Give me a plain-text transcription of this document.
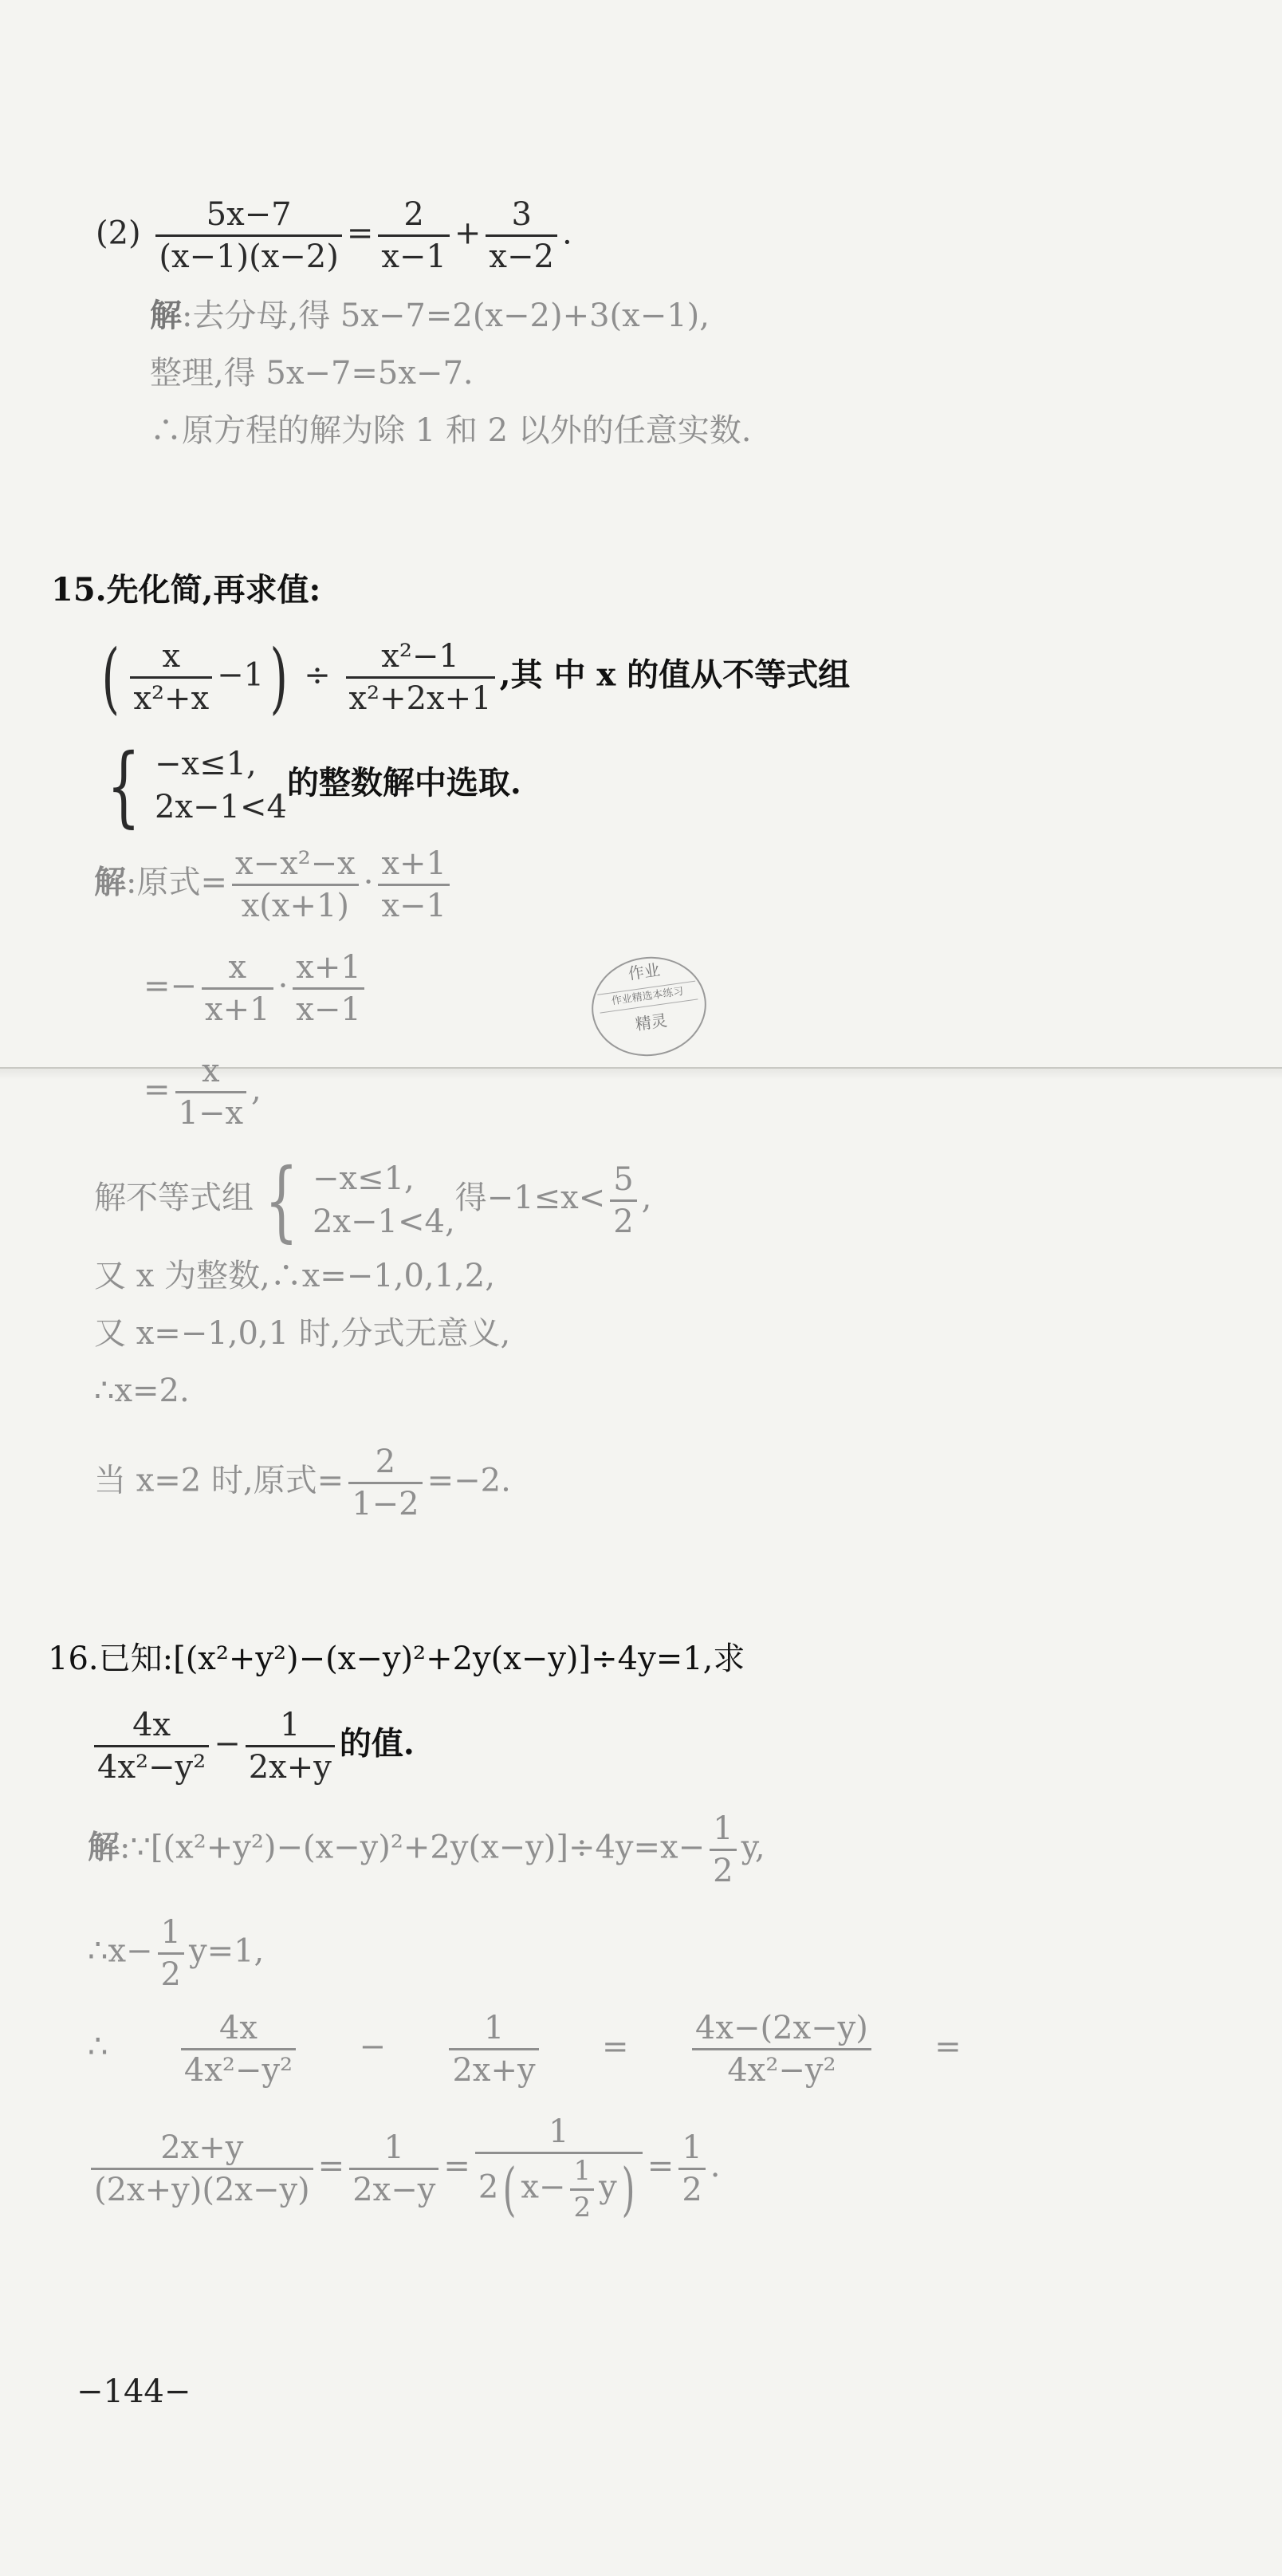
$(2) \frac{5x-7}{(x-1)(x-2)} = \frac{2}{x-1} + \frac{3}{x-2}$ .
解:去分母,得 5x−7=2(x−2)+3(x−1),
整理,得 5x−7=5x−7.
∴原方程的解为除 1 和 2 以外的任意实数.
15.先化简,再求值:
( $\frac{x}{\text{x²+x}} -1) \div \frac{\text{x²−1}}{\text{x²+2x+1}}$ ,其 中 x 的值从不等式组
{ −x≤1,
2x−1<4
的整数解中选取.
解:原式= $\frac{\text{x−x²−x}}{x(x+1)} \cdot \frac{x+1}{x-1}$
=− $\frac{x}{x+1} \cdot \frac{x+1}{x-1}$
= $\frac{x}{1-x}$ ,
解不等式组 { −x≤1,
2x−1<4,
得$-1\le x< \frac{5}{2}$ ,
又 x 为整数,∴x=−1,0,1,2,
又 x=−1,0,1 时,分式无意义,
∴x=2.
当 x=2 时,原式= $\frac{2}{1-2} =-2$.
作业
作业精选本练习
精灵
16.已知:[(x²+y²)−(x−y)²+2y(x−y)]÷4y=1,求
$\frac{4x}{\text{4x²−y²}} - \frac{1}{2x+y}$ 的值.
解:∵[(x²+y²)−(x−y)²+2y(x−y)]÷4y=x− $\frac{1}{2} y$,
∴x− $\frac{1}{2} y=1$,
∴ $\frac{4x}{\text{4x²−y²}} - \frac{1}{2x+y} = \frac{4x-(2x-y)}{\text{4x²−y²}}$ =
$\frac{2x+y}{(2x+y)(2x-y)} = \frac{1}{2x-y} = \frac{1}{2( x- \frac{1}{2} y)} = \frac{1}{2}$ .
−144−
